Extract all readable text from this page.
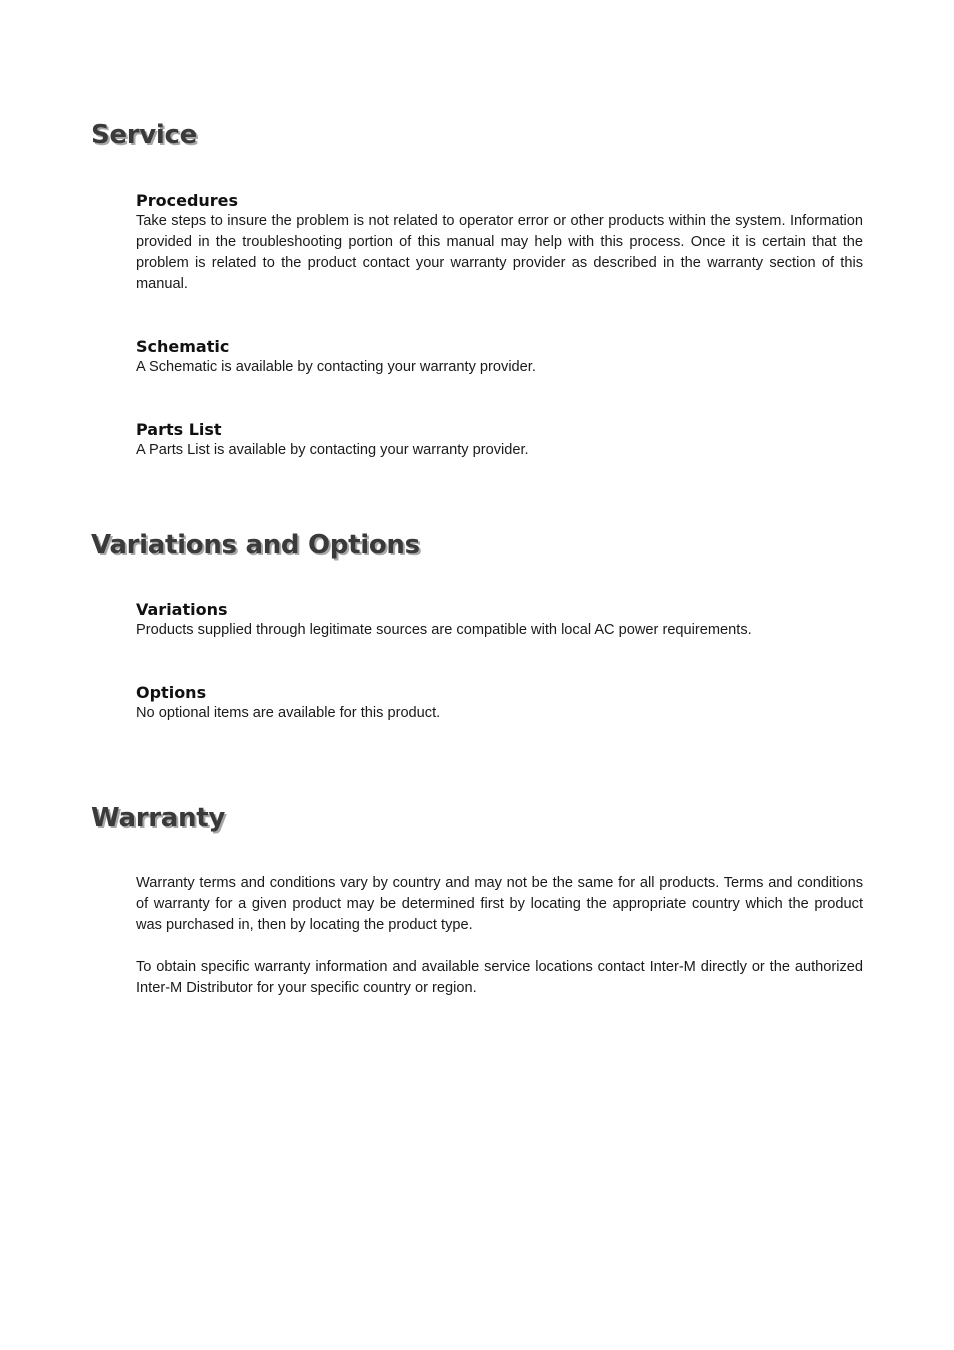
Service
Procedures

Take steps to insure the problem is not related to operator error or other products within the system. Information provided in the troubleshooting portion of this manual may help with this process. Once it is certain that the problem is related to the product contact your warranty provider as described in the warranty section of this manual.

Schematic

A Schematic is available by contacting your warranty provider.

Parts List

A Parts List is available by contacting your warranty provider.

Variations and Options
Variations

Products supplied through legitimate sources are compatible with local AC power requirements.

Options

No optional items are available for this product.

Warranty

Warranty terms and conditions vary by country and may not be the same for all products. Terms and conditions of warranty for a given product may be determined first by locating the appropriate country which the product was purchased in, then by locating the product type.

To obtain specific warranty information and available service locations contact Inter-M directly or the authorized Inter-M Distributor for your specific country or region.
